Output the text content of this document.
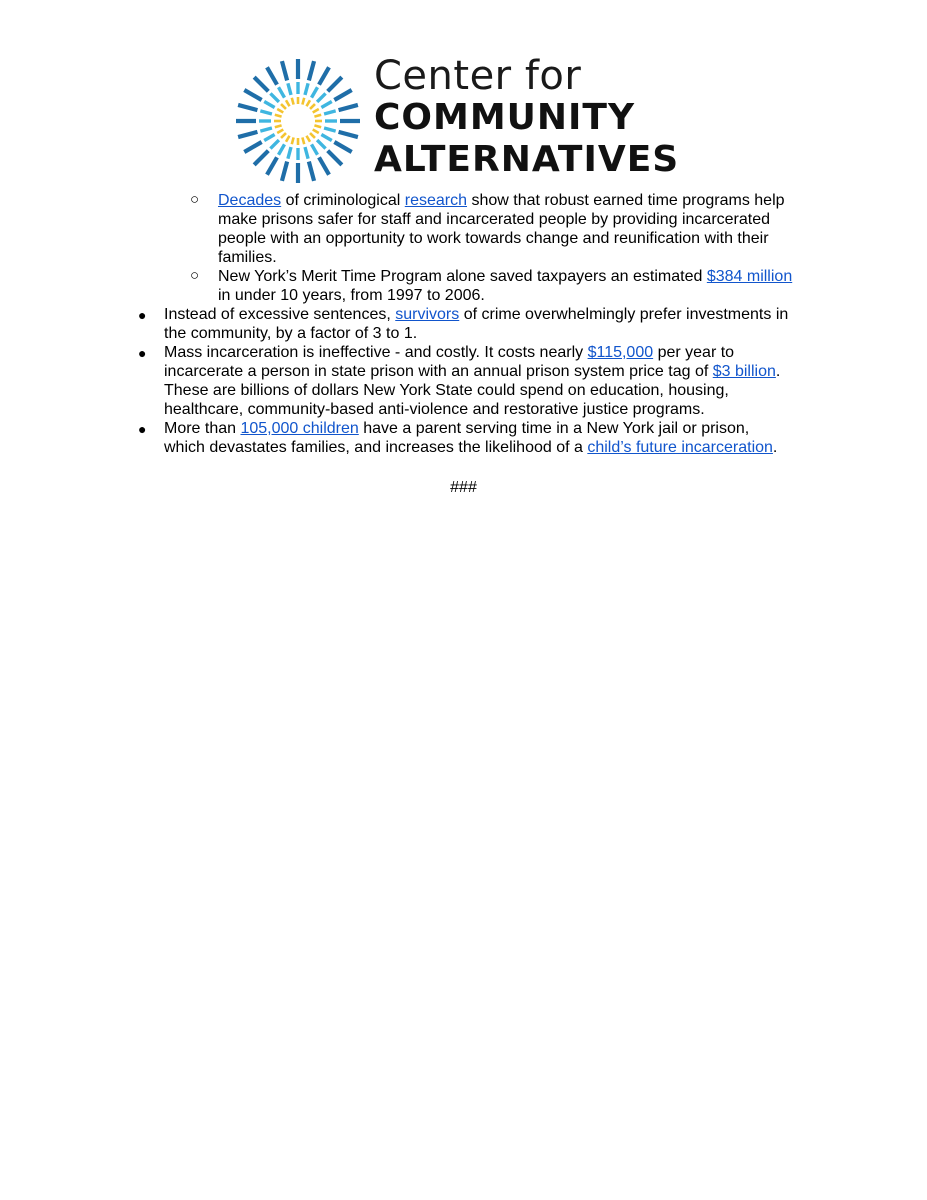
Center for
COMMUNITY
ALTERNATIVES
○ Decades of criminological research show that robust earned time programs help
make prisons safer for staff and incarcerated people by providing incarcerated
people with an opportunity to work towards change and reunification with their
families.
○ New York’s Merit Time Program alone saved taxpayers an estimated $384 million
in under 10 years, from 1997 to 2006.
● Instead of excessive sentences, survivors of crime overwhelmingly prefer investments in
the community, by a factor of 3 to 1.
● Mass incarceration is ineffective - and costly. It costs nearly $115,000 per year to
incarcerate a person in state prison with an annual prison system price tag of $3 billion.
These are billions of dollars New York State could spend on education, housing,
healthcare, community-based anti-violence and restorative justice programs.
● More than 105,000 children have a parent serving time in a New York jail or prison,
which devastates families, and increases the likelihood of a child’s future incarceration.
###
